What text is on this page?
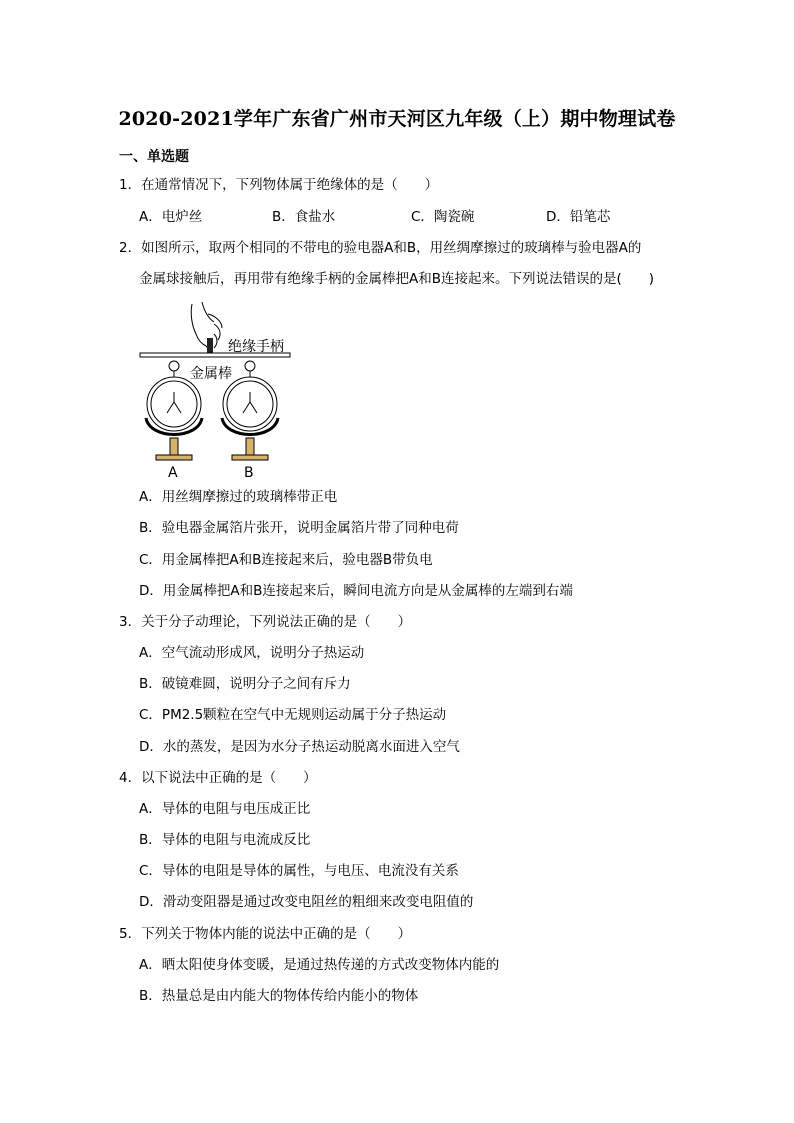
2020-2021学年广东省广州市天河区九年级（上）期中物理试卷
一、单选题
1．在通常情况下，下列物体属于绝缘体的是（　　）
A．电炉丝	B．食盐水	C．陶瓷碗	D．铅笔芯
2．如图所示，取两个相同的不带电的验电器A和B，用丝绸摩擦过的玻璃棒与验电器A的
金属球接触后，再用带有绝缘手柄的金属棒把A和B连接起来。下列说法错误的是(　　)
绝缘手柄
金属棒
A	B
A．用丝绸摩擦过的玻璃棒带正电
B．验电器金属箔片张开，说明金属箔片带了同种电荷
C．用金属棒把A和B连接起来后，验电器B带负电
D．用金属棒把A和B连接起来后，瞬间电流方向是从金属棒的左端到右端
3．关于分子动理论，下列说法正确的是（　　）
A．空气流动形成风，说明分子热运动
B．破镜难圆，说明分子之间有斥力
C．PM2.5颗粒在空气中无规则运动属于分子热运动
D．水的蒸发，是因为水分子热运动脱离水面进入空气
4．以下说法中正确的是（　　）
A．导体的电阻与电压成正比
B．导体的电阻与电流成反比
C．导体的电阻是导体的属性，与电压、电流没有关系
D．滑动变阻器是通过改变电阻丝的粗细来改变电阻值的
5．下列关于物体内能的说法中正确的是（　　）
A．晒太阳使身体变暖，是通过热传递的方式改变物体内能的
B．热量总是由内能大的物体传给内能小的物体
